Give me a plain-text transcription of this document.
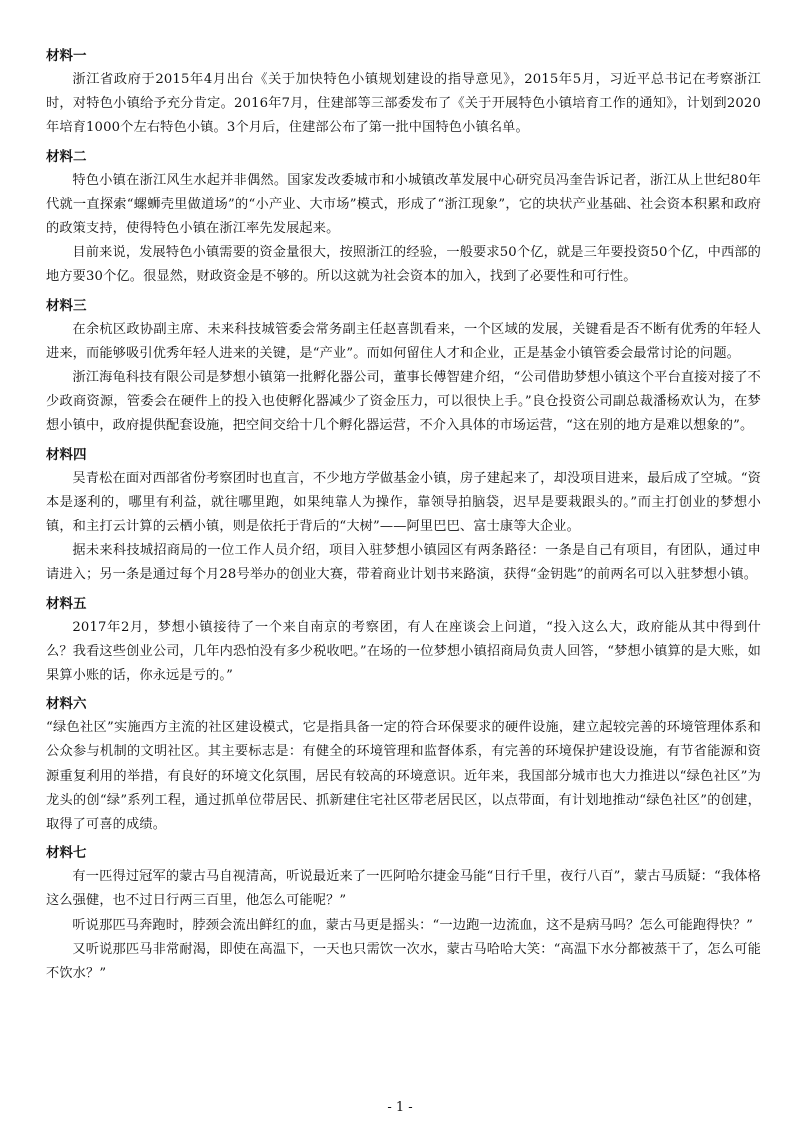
材料一

浙江省政府于2015年4月出台《关于加快特色小镇规划建设的指导意见》，2015年5月，习近平总书记在考察浙江时，对特色小镇给予充分肯定。2016年7月，住建部等三部委发布了《关于开展特色小镇培育工作的通知》，计划到2020年培育1000个左右特色小镇。3个月后，住建部公布了第一批中国特色小镇名单。

材料二

特色小镇在浙江风生水起并非偶然。国家发改委城市和小城镇改革发展中心研究员冯奎告诉记者，浙江从上世纪80年代就一直探索“螺蛳壳里做道场”的“小产业、大市场”模式，形成了“浙江现象”，它的块状产业基础、社会资本积累和政府的政策支持，使得特色小镇在浙江率先发展起来。

目前来说，发展特色小镇需要的资金量很大，按照浙江的经验，一般要求50个亿，就是三年要投资50个亿，中西部的地方要30个亿。很显然，财政资金是不够的。所以这就为社会资本的加入，找到了必要性和可行性。

材料三

在余杭区政协副主席、未来科技城管委会常务副主任赵喜凯看来，一个区域的发展，关键看是否不断有优秀的年轻人进来，而能够吸引优秀年轻人进来的关键，是“产业”。而如何留住人才和企业，正是基金小镇管委会最常讨论的问题。

浙江海龟科技有限公司是梦想小镇第一批孵化器公司，董事长傅智建介绍，“公司借助梦想小镇这个平台直接对接了不少政商资源，管委会在硬件上的投入也使孵化器减少了资金压力，可以很快上手。”良仓投资公司副总裁潘杨欢认为，在梦想小镇中，政府提供配套设施，把空间交给十几个孵化器运营，不介入具体的市场运营，“这在别的地方是难以想象的”。

材料四

吴青松在面对西部省份考察团时也直言，不少地方学做基金小镇，房子建起来了，却没项目进来，最后成了空城。“资本是逐利的，哪里有利益，就往哪里跑，如果纯靠人为操作，靠领导拍脑袋，迟早是要栽跟头的。”而主打创业的梦想小镇，和主打云计算的云栖小镇，则是依托于背后的“大树”——阿里巴巴、富士康等大企业。

据未来科技城招商局的一位工作人员介绍，项目入驻梦想小镇园区有两条路径：一条是自己有项目，有团队，通过申请进入；另一条是通过每个月28号举办的创业大赛，带着商业计划书来路演，获得“金钥匙”的前两名可以入驻梦想小镇。

材料五

2017年2月，梦想小镇接待了一个来自南京的考察团，有人在座谈会上问道，“投入这么大，政府能从其中得到什么？我看这些创业公司，几年内恐怕没有多少税收吧。”在场的一位梦想小镇招商局负责人回答，“梦想小镇算的是大账，如果算小账的话，你永远是亏的。”

材料六

“绿色社区”实施西方主流的社区建设模式，它是指具备一定的符合环保要求的硬件设施，建立起较完善的环境管理体系和公众参与机制的文明社区。其主要标志是：有健全的环境管理和监督体系，有完善的环境保护建设设施，有节省能源和资源重复利用的举措，有良好的环境文化氛围，居民有较高的环境意识。近年来，我国部分城市也大力推进以“绿色社区”为龙头的创“绿”系列工程，通过抓单位带居民、抓新建住宅社区带老居民区，以点带面，有计划地推动“绿色社区”的创建，取得了可喜的成绩。

材料七

有一匹得过冠军的蒙古马自视清高，听说最近来了一匹阿哈尔捷金马能“日行千里，夜行八百”，蒙古马质疑：“我体格这么强健，也不过日行两三百里，他怎么可能呢？”

听说那匹马奔跑时，脖颈会流出鲜红的血，蒙古马更是摇头：“一边跑一边流血，这不是病马吗？怎么可能跑得快？”

又听说那匹马非常耐渴，即使在高温下，一天也只需饮一次水，蒙古马哈哈大笑：“高温下水分都被蒸干了，怎么可能不饮水？”

- 1 -
